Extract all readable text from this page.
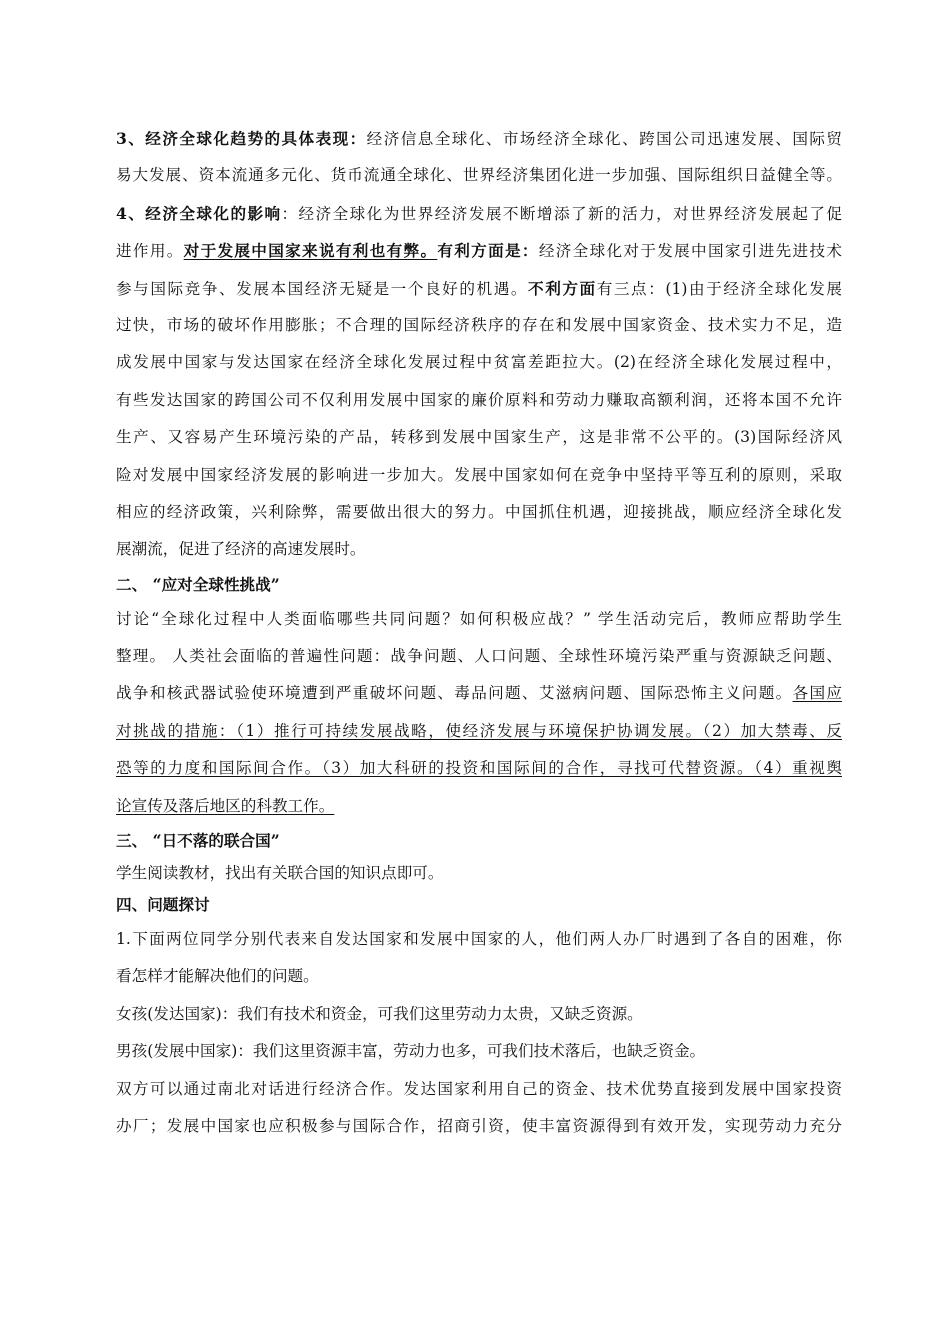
3、经济全球化趋势的具体表现：经济信息全球化、市场经济全球化、跨国公司迅速发展、国际贸
易大发展、资本流通多元化、货币流通全球化、世界经济集团化进一步加强、国际组织日益健全等。
4、经济全球化的影响：经济全球化为世界经济发展不断增添了新的活力，对世界经济发展起了促
进作用。对于发展中国家来说有利也有弊。有利方面是：经济全球化对于发展中国家引进先进技术
参与国际竞争、发展本国经济无疑是一个良好的机遇。不利方面有三点：(1)由于经济全球化发展
过快，市场的破坏作用膨胀；不合理的国际经济秩序的存在和发展中国家资金、技术实力不足，造
成发展中国家与发达国家在经济全球化发展过程中贫富差距拉大。(2)在经济全球化发展过程中，
有些发达国家的跨国公司不仅利用发展中国家的廉价原料和劳动力赚取高额利润，还将本国不允许
生产、又容易产生环境污染的产品，转移到发展中国家生产，这是非常不公平的。(3)国际经济风
险对发展中国家经济发展的影响进一步加大。发展中国家如何在竞争中坚持平等互利的原则，采取
相应的经济政策，兴利除弊，需要做出很大的努力。中国抓住机遇，迎接挑战，顺应经济全球化发
展潮流，促进了经济的高速发展时。
二、 “应对全球性挑战”
讨论“全球化过程中人类面临哪些共同问题？如何积极应战？” 学生活动完后，教师应帮助学生
整理。 人类社会面临的普遍性问题：战争问题、人口问题、全球性环境污染严重与资源缺乏问题、
战争和核武器试验使环境遭到严重破坏问题、毒品问题、艾滋病问题、国际恐怖主义问题。各国应
对挑战的措施：（1）推行可持续发展战略，使经济发展与环境保护协调发展。（2）加大禁毒、反
恐等的力度和国际间合作。（3）加大科研的投资和国际间的合作，寻找可代替资源。（4）重视舆
论宣传及落后地区的科教工作。
三、 “日不落的联合国”
学生阅读教材，找出有关联合国的知识点即可。
四、问题探讨
1.下面两位同学分别代表来自发达国家和发展中国家的人，他们两人办厂时遇到了各自的困难，你
看怎样才能解决他们的问题。
女孩(发达国家)：我们有技术和资金，可我们这里劳动力太贵，又缺乏资源。
男孩(发展中国家)：我们这里资源丰富，劳动力也多，可我们技术落后，也缺乏资金。
双方可以通过南北对话进行经济合作。发达国家利用自己的资金、技术优势直接到发展中国家投资
办厂；发展中国家也应积极参与国际合作，招商引资，使丰富资源得到有效开发，实现劳动力充分
